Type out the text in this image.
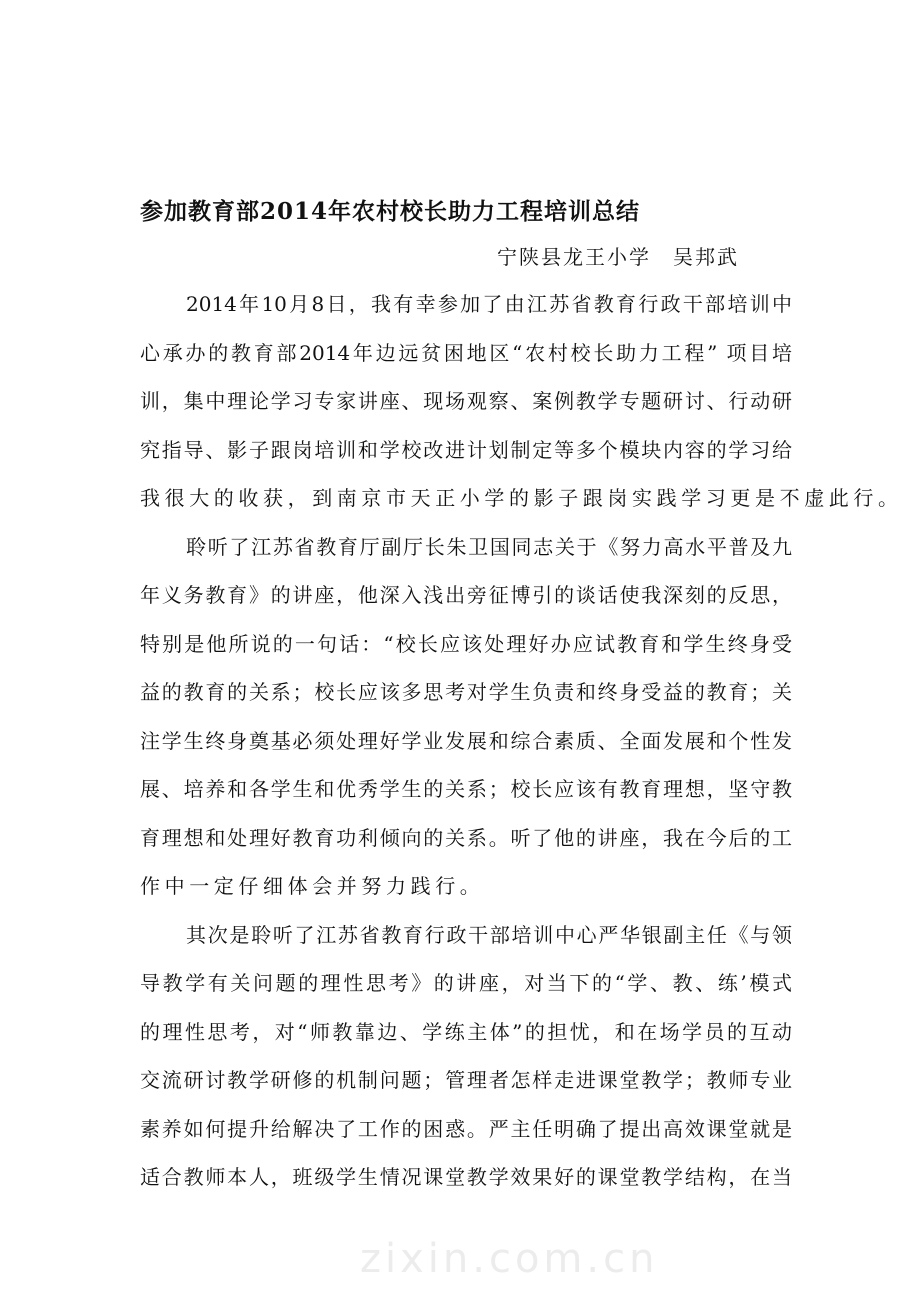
参加教育部2014年农村校长助力工程培训总结
宁陕县龙王小学　吴邦武
2014年10月8日，我有幸参加了由江苏省教育行政干部培训中
心承办的教育部2014年边远贫困地区“农村校长助力工程” 项目培
训，集中理论学习专家讲座、现场观察、案例教学专题研讨、行动研
究指导、影子跟岗培训和学校改进计划制定等多个模块内容的学习给
我很大的收获，到南京市天正小学的影子跟岗实践学习更是不虚此行。
聆听了江苏省教育厅副厅长朱卫国同志关于《努力高水平普及九
年义务教育》的讲座，他深入浅出旁征博引的谈话使我深刻的反思，
特别是他所说的一句话：“校长应该处理好办应试教育和学生终身受
益的教育的关系；校长应该多思考对学生负责和终身受益的教育；关
注学生终身奠基必须处理好学业发展和综合素质、全面发展和个性发
展、培养和各学生和优秀学生的关系；校长应该有教育理想，坚守教
育理想和处理好教育功利倾向的关系。听了他的讲座，我在今后的工
作中一定仔细体会并努力践行。
其次是聆听了江苏省教育行政干部培训中心严华银副主任《与领
导教学有关问题的理性思考》的讲座，对当下的“学、教、练’模式
的理性思考，对“师教靠边、学练主体”的担忧，和在场学员的互动
交流研讨教学研修的机制问题；管理者怎样走进课堂教学；教师专业
素养如何提升给解决了工作的困惑。严主任明确了提出高效课堂就是
适合教师本人，班级学生情况课堂教学效果好的课堂教学结构，在当
zixin.com.cn
